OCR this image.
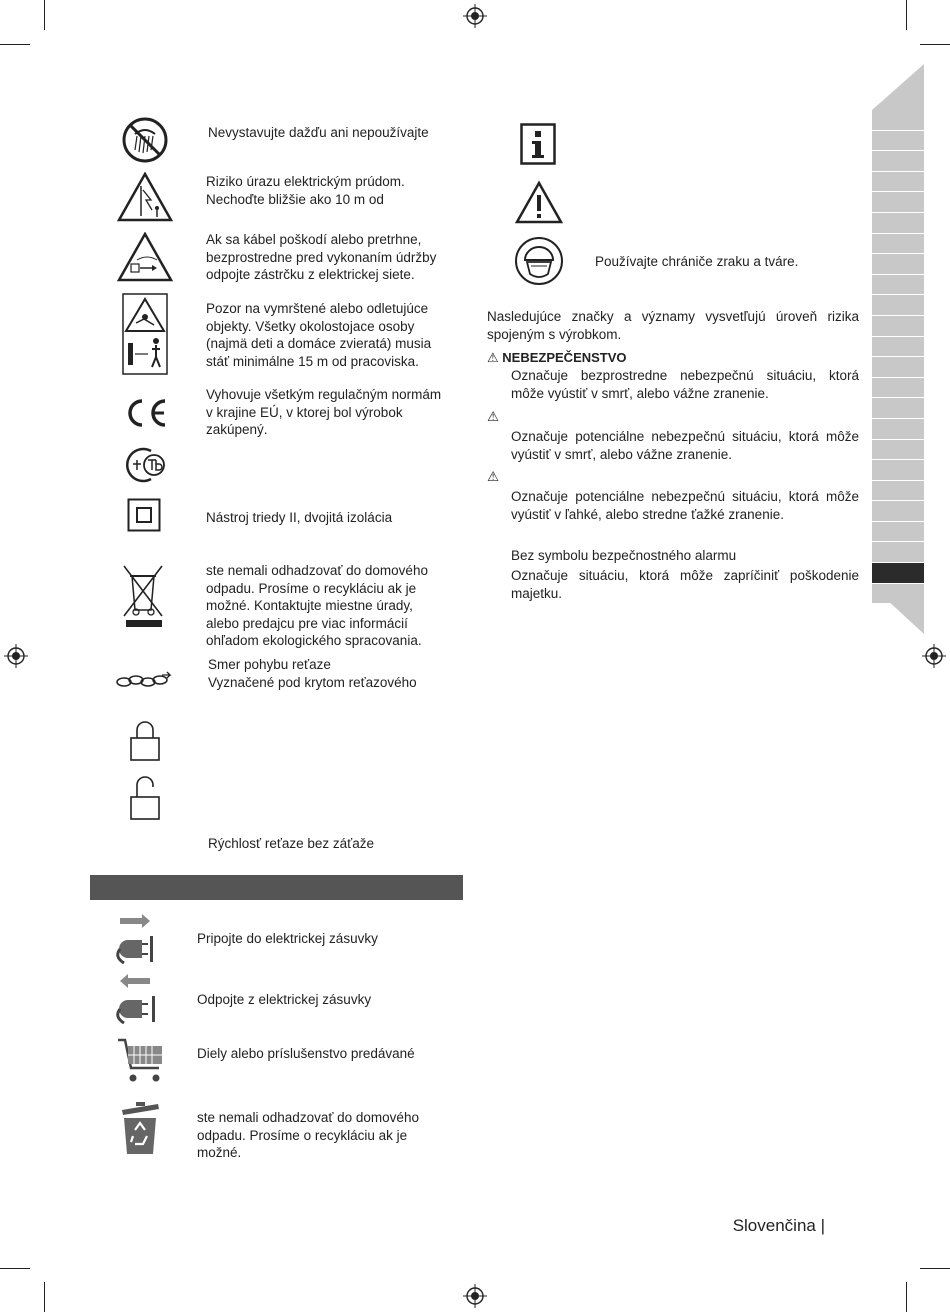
Nevystavujte dažďu ani nepoužívajte
Riziko úrazu elektrickým prúdom.
Nechoďte bližšie ako 10 m od
Ak sa kábel poškodí alebo pretrhne,
bezprostredne pred vykonaním údržby
odpojte zástrčku z elektrickej siete.
Pozor na vymrštené alebo odletujúce
objekty. Všetky okolostojace osoby
(najmä deti a domáce zvieratá) musia
stáť minimálne 15 m od pracoviska.
Vyhovuje všetkým regulačným normám
v krajine EÚ, v ktorej bol výrobok
zakúpený.
Nástroj triedy II, dvojitá izolácia
ste nemali odhadzovať do domového
odpadu. Prosíme o recykláciu ak je
možné. Kontaktujte miestne úrady,
alebo predajcu pre viac informácií
ohľadom ekologického spracovania.
Smer pohybu reťaze
Vyznačené pod krytom reťazového
Rýchlosť reťaze bez záťaže
Pripojte do elektrickej zásuvky
Odpojte z elektrickej zásuvky
Diely alebo príslušenstvo predávané
ste nemali odhadzovať do domového
odpadu. Prosíme o recykláciu ak je
možné.
Používajte chrániče zraku a tváre.
Nasledujúce značky a významy vysvetľujú úroveň rizika spojeným s výrobkom.
⚠ NEBEZPEČENSTVO
Označuje bezprostredne nebezpečnú situáciu, ktorá môže vyústiť v smrť, alebo vážne zranenie.
⚠
Označuje potenciálne nebezpečnú situáciu, ktorá môže vyústiť v smrť, alebo vážne zranenie.
⚠
Označuje potenciálne nebezpečnú situáciu, ktorá môže vyústiť v ľahké, alebo stredne ťažké zranenie.
Bez symbolu bezpečnostného alarmu
Označuje situáciu, ktorá môže zapríčiniť poškodenie majetku.
Slovenčina |
